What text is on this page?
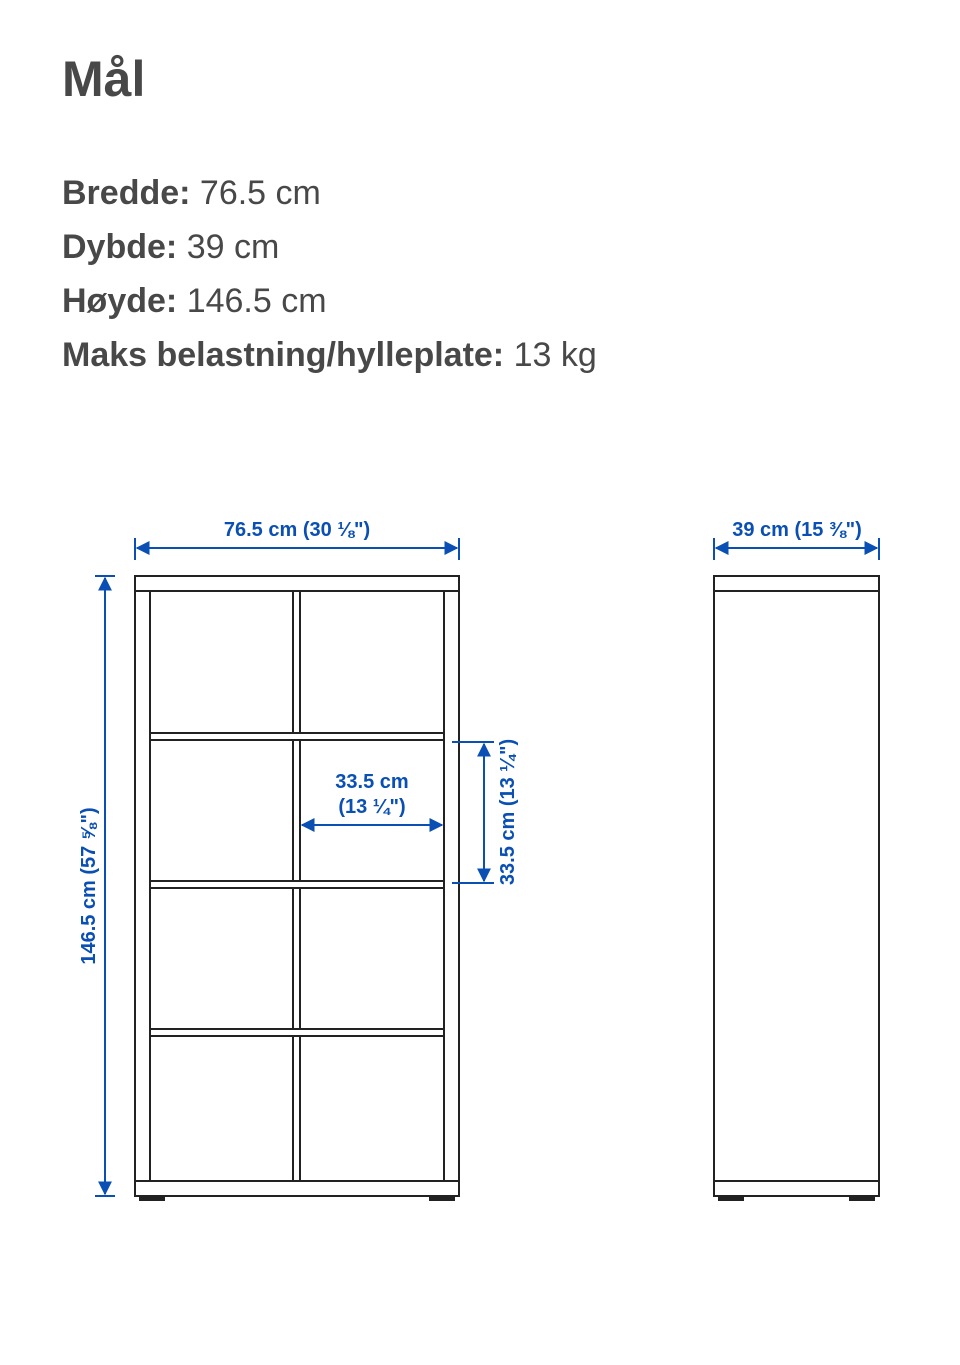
Mål
Bredde: 76.5 cm
Dybde: 39 cm
Høyde: 146.5 cm
Maks belastning/hylleplate: 13 kg
76.5 cm (30 ⅛")
146.5 cm (57 ⅝")
33.5 cm
(13 ¼")	33.5 cm (13 ¼")
39 cm (15 ⅜")
